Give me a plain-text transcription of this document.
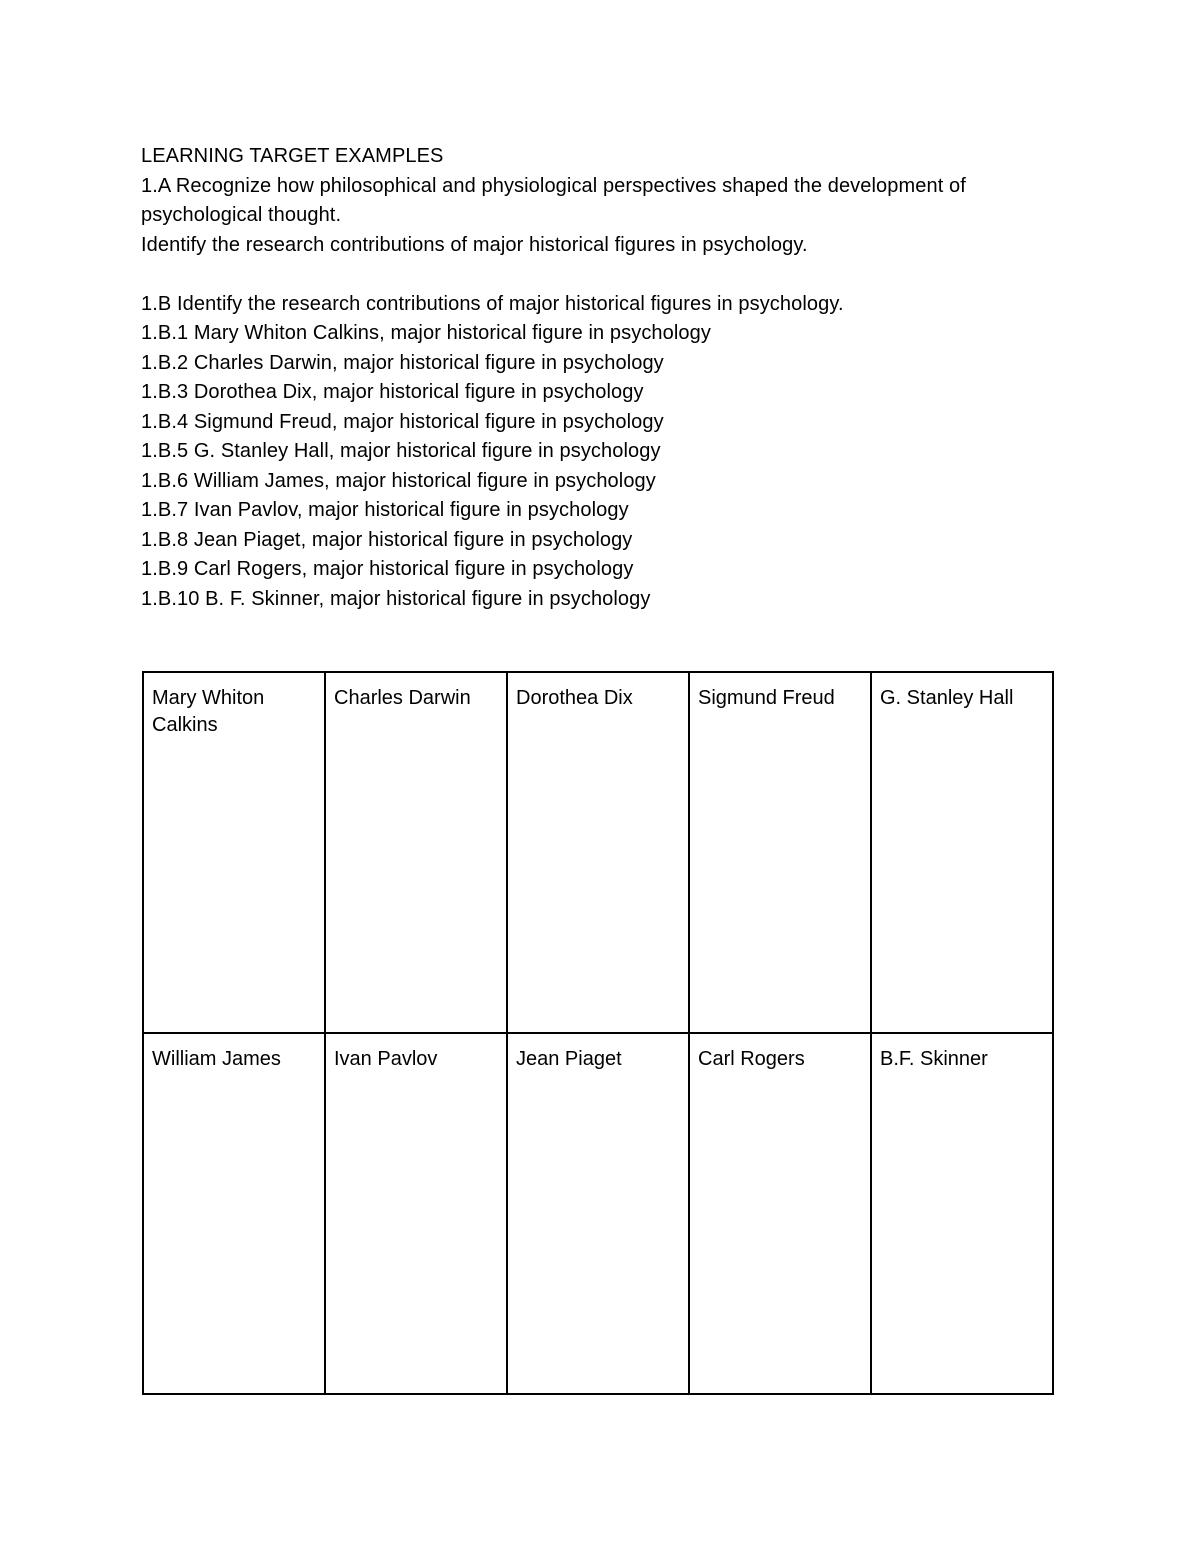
LEARNING TARGET EXAMPLES
1.A Recognize how philosophical and physiological perspectives shaped the development of psychological thought.
Identify the research contributions of major historical figures in psychology.
1.B Identify the research contributions of major historical figures in psychology.
1.B.1 Mary Whiton Calkins, major historical figure in psychology
1.B.2 Charles Darwin, major historical figure in psychology
1.B.3 Dorothea Dix, major historical figure in psychology
1.B.4 Sigmund Freud, major historical figure in psychology
1.B.5 G. Stanley Hall, major historical figure in psychology
1.B.6 William James, major historical figure in psychology
1.B.7 Ivan Pavlov, major historical figure in psychology
1.B.8 Jean Piaget, major historical figure in psychology
1.B.9 Carl Rogers, major historical figure in psychology
1.B.10 B. F. Skinner, major historical figure in psychology
Mary Whiton Calkins	Charles Darwin	Dorothea Dix	Sigmund Freud	G. Stanley Hall
William James	Ivan Pavlov	Jean Piaget	Carl Rogers	B.F. Skinner
